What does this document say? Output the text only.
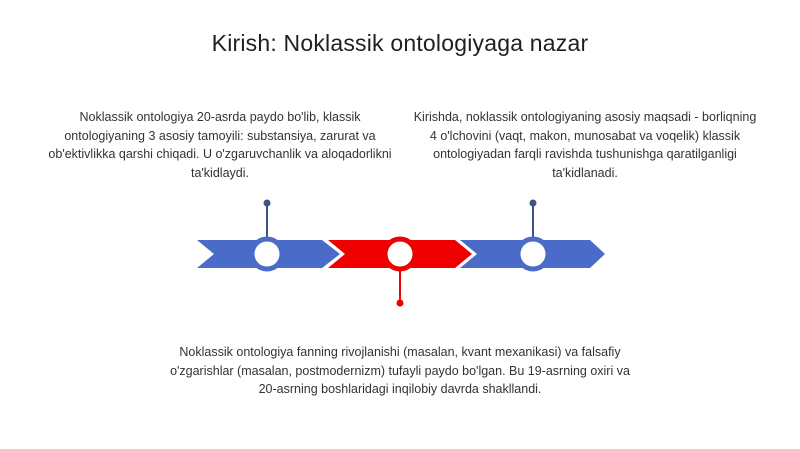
Kirish: Noklassik ontologiyaga nazar
Noklassik ontologiya 20-asrda paydo bo'lib, klassik ontologiyaning 3 asosiy tamoyili: substansiya, zarurat va ob'ektivlikka qarshi chiqadi. U o'zgaruvchanlik va aloqadorlikni ta'kidlaydi.
Kirishda, noklassik ontologiyaning asosiy maqsadi - borliqning 4 o'lchovini (vaqt, makon, munosabat va voqelik) klassik ontologiyadan farqli ravishda tushunishga qaratilganligi ta'kidlanadi.
Noklassik ontologiya fanning rivojlanishi (masalan, kvant mexanikasi) va falsafiy o'zgarishlar (masalan, postmodernizm) tufayli paydo bo'lgan. Bu 19-asrning oxiri va 20-asrning boshlaridagi inqilobiy davrda shakllandi.
